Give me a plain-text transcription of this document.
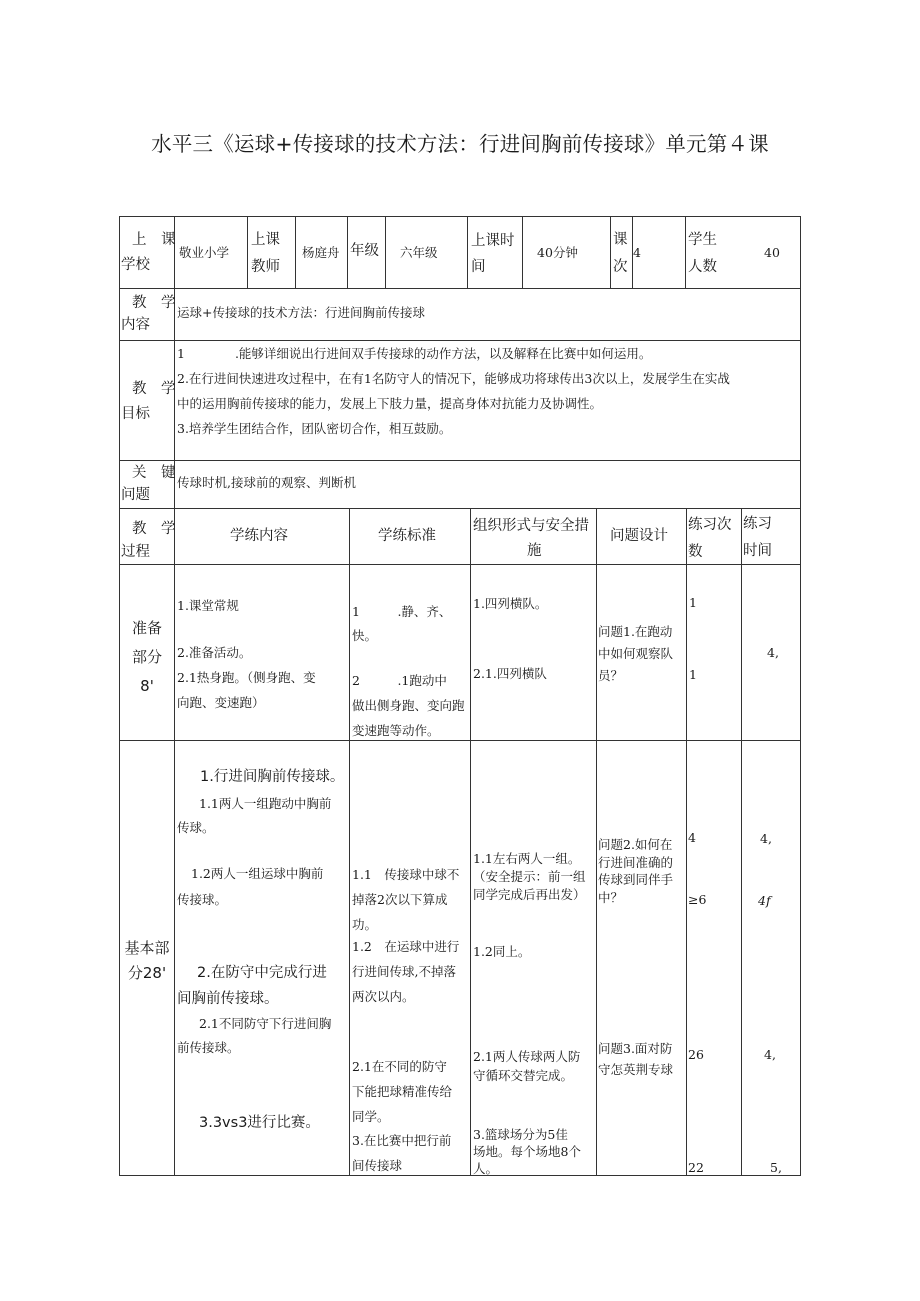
水平三《运球+传接球的技术方法：行进间胸前传接球》单元第４课
上　课
学校
敬业小学
上课
教师
杨庭舟 年级 六年级
上课时
间
40分钟
课
次
4
学生
人数
40
教　学
内容
运球+传接球的技术方法：行进间胸前传接球
教　学
目标
1	.能够详细说出行进间双手传接球的动作方法，以及解释在比赛中如何运用。
2.在行进间快速进攻过程中，在有1名防守人的情况下，能够成功将球传出3次以上，发展学生在实战
中的运用胸前传接球的能力，发展上下肢力量，提高身体对抗能力及协调性。
3.培养学生团结合作，团队密切合作，相互鼓励。
关　键
问题
传球时机,接球前的观察、判断机
教　学
过程
学练内容	学练标准
组织形式与安全措
施
问题设计
练习次
数
练习
时间
准备
部分
8'
1.课堂常规
2.准备活动。
2.1热身跑。（侧身跑、变
向跑、变速跑）
1　　　.静、齐、
快。
2　　　.1跑动中
做出侧身跑、变向跑
变速跑等动作。
1.四列横队。
2.1.四列横队
问题1.在跑动
中如何观察队
员？
1
1
4,
基本部
分28'
1.行进间胸前传接球。
1.1两人一组跑动中胸前
传球。
1.2两人一组运球中胸前
传接球。
2.在防守中完成行进
间胸前传接球。
2.1不同防守下行进间胸
前传接球。
3.3vs3进行比赛。
1.1　传接球中球不
掉落2次以下算成
功。
1.2　在运球中进行
行进间传球,不掉落
两次以内。
2.1在不同的防守
下能把球精准传给
同学。
3.在比赛中把行前
间传接球
1.1左右两人一组。
（安全提示：前一组
同学完成后再出发）
1.2同上。
2.1两人传球两人防
守循环交替完成。
3.篮球场分为5佳
场地。每个场地8个
人。
问题2.如何在
行进间准确的
传球到同伴手
中？
问题3.面对防
守怎英荆专球
4
≥6
26
22
4,
4f
4,
5,
